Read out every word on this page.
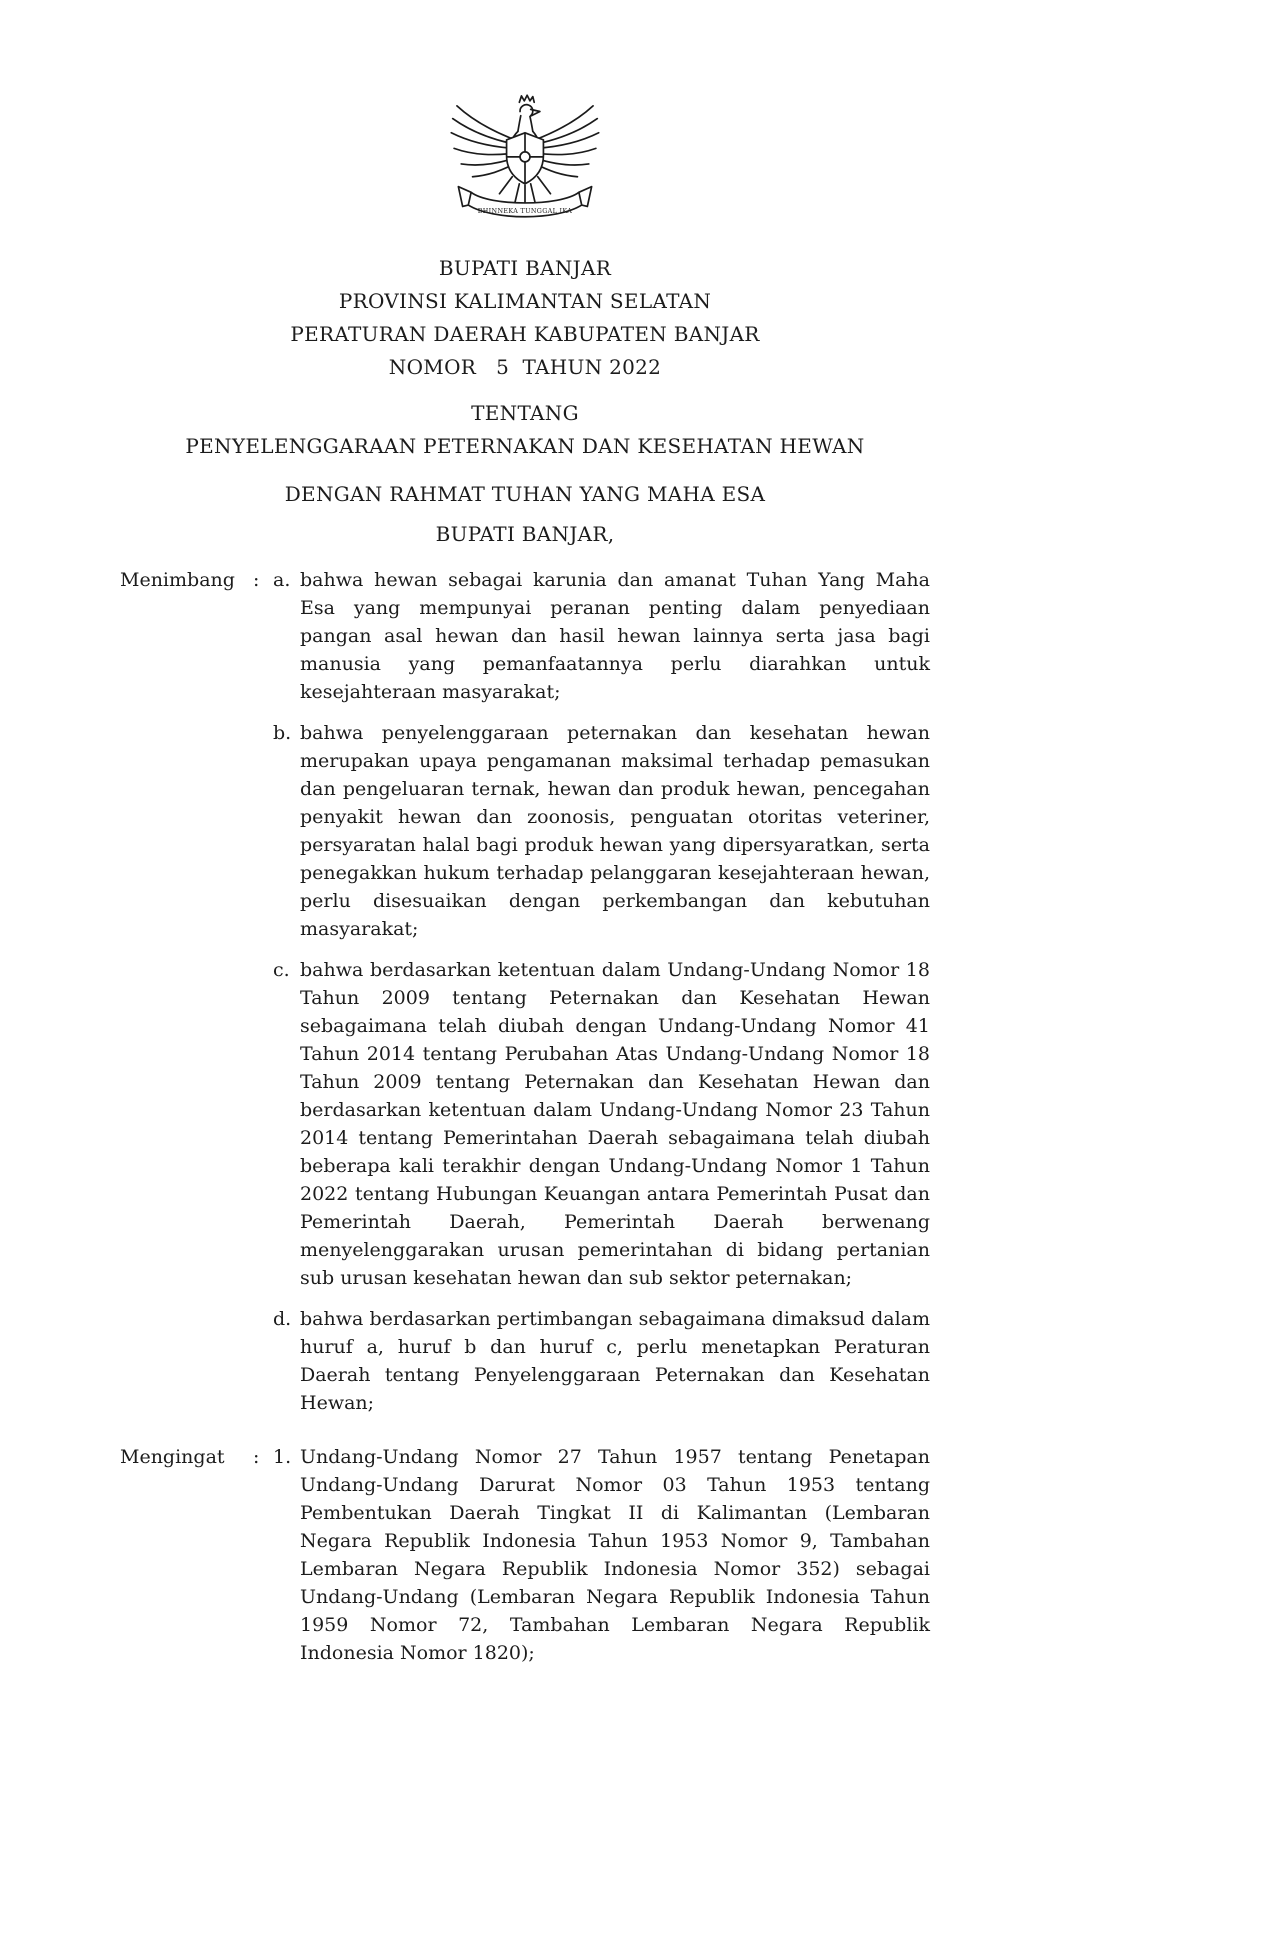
BHINNEKA TUNGGAL IKA
BUPATI BANJAR
PROVINSI KALIMANTAN SELATAN
PERATURAN DAERAH KABUPATEN BANJAR
NOMOR   5  TAHUN 2022
TENTANG
PENYELENGGARAAN PETERNAKAN DAN KESEHATAN HEWAN
DENGAN RAHMAT TUHAN YANG MAHA ESA
BUPATI BANJAR,
Menimbang : a. bahwa hewan sebagai karunia dan amanat Tuhan Yang Maha Esa yang mempunyai peranan penting dalam penyediaan pangan asal hewan dan hasil hewan lainnya serta jasa bagi manusia yang pemanfaatannya perlu diarahkan untuk kesejahteraan masyarakat;
b. bahwa penyelenggaraan peternakan dan kesehatan hewan merupakan upaya pengamanan maksimal terhadap pemasukan dan pengeluaran ternak, hewan dan produk hewan, pencegahan penyakit hewan dan zoonosis, penguatan otoritas veteriner, persyaratan halal bagi produk hewan yang dipersyaratkan, serta penegakkan hukum terhadap pelanggaran kesejahteraan hewan, perlu disesuaikan dengan perkembangan dan kebutuhan masyarakat;
c. bahwa berdasarkan ketentuan dalam Undang-Undang Nomor 18 Tahun 2009 tentang Peternakan dan Kesehatan Hewan sebagaimana telah diubah dengan Undang-Undang Nomor 41 Tahun 2014 tentang Perubahan Atas Undang-Undang Nomor 18 Tahun 2009 tentang Peternakan dan Kesehatan Hewan dan berdasarkan ketentuan dalam Undang-Undang Nomor 23 Tahun 2014 tentang Pemerintahan Daerah sebagaimana telah diubah beberapa kali terakhir dengan Undang-Undang Nomor 1 Tahun 2022 tentang Hubungan Keuangan antara Pemerintah Pusat dan Pemerintah Daerah, Pemerintah Daerah berwenang menyelenggarakan urusan pemerintahan di bidang pertanian sub urusan kesehatan hewan dan sub sektor peternakan;
d. bahwa berdasarkan pertimbangan sebagaimana dimaksud dalam huruf a, huruf b dan huruf c, perlu menetapkan Peraturan Daerah tentang Penyelenggaraan Peternakan dan Kesehatan Hewan;
Mengingat	: 1. Undang-Undang Nomor 27 Tahun 1957 tentang Penetapan Undang-Undang Darurat Nomor 03 Tahun 1953 tentang Pembentukan Daerah Tingkat II di Kalimantan (Lembaran Negara Republik Indonesia Tahun 1953 Nomor 9, Tambahan Lembaran Negara Republik Indonesia Nomor 352) sebagai Undang-Undang (Lembaran Negara Republik Indonesia Tahun 1959 Nomor 72, Tambahan Lembaran Negara Republik Indonesia Nomor 1820);
